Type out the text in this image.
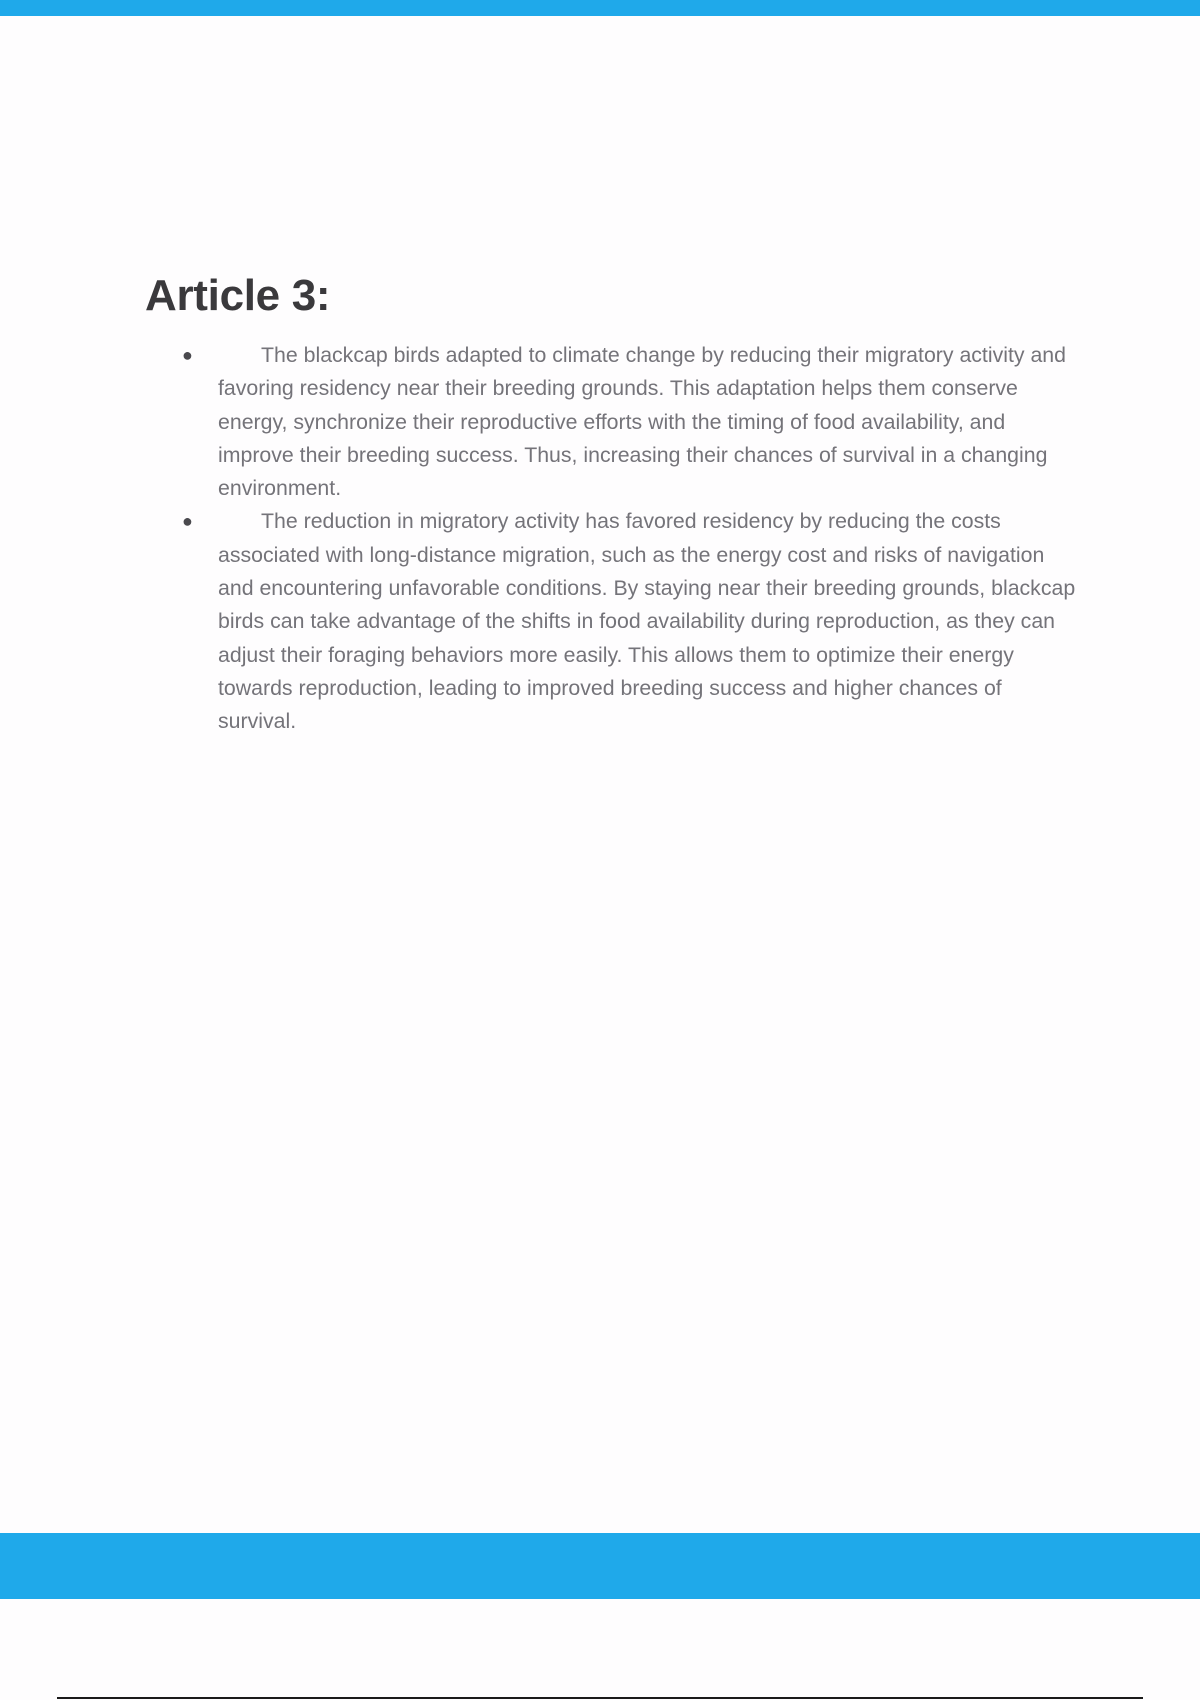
Article 3:
●	The blackcap birds adapted to climate change by reducing their migratory activity and favoring residency near their breeding grounds. This adaptation helps them conserve energy, synchronize their reproductive efforts with the timing of food availability, and improve their breeding success. Thus, increasing their chances of survival in a changing environment.
●	The reduction in migratory activity has favored residency by reducing the costs associated with long-distance migration, such as the energy cost and risks of navigation and encountering unfavorable conditions. By staying near their breeding grounds, blackcap birds can take advantage of the shifts in food availability during reproduction, as they can adjust their foraging behaviors more easily. This allows them to optimize their energy towards reproduction, leading to improved breeding success and higher chances of survival.
